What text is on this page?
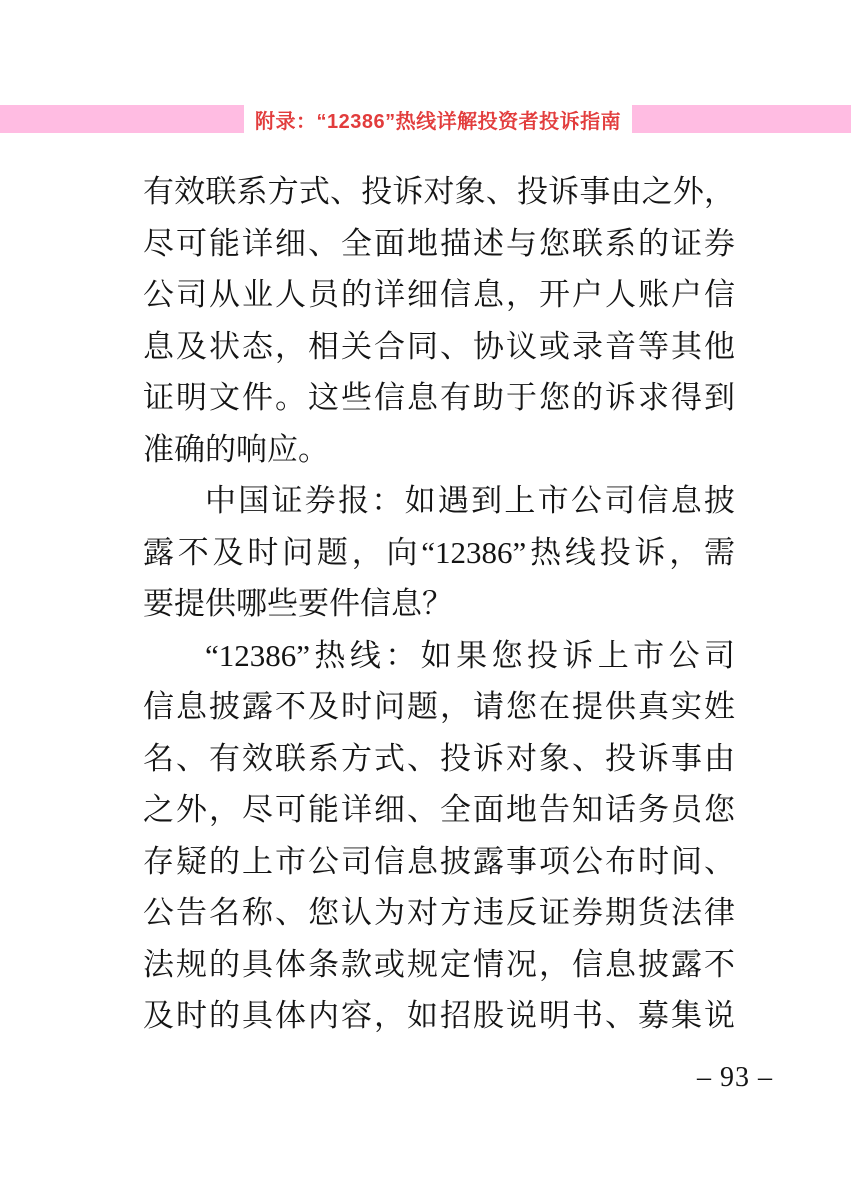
附录：“12386”热线详解投资者投诉指南
有效联系方式、投诉对象、投诉事由之外，
尽可能详细、全面地描述与您联系的证券
公司从业人员的详细信息，开户人账户信
息及状态，相关合同、协议或录音等其他
证明文件。这些信息有助于您的诉求得到
准确的响应。
中国证券报：如遇到上市公司信息披
露不及时问题，向“12386”热线投诉，需
要提供哪些要件信息？
“12386”热线：如果您投诉上市公司
信息披露不及时问题，请您在提供真实姓
名、有效联系方式、投诉对象、投诉事由
之外，尽可能详细、全面地告知话务员您
存疑的上市公司信息披露事项公布时间、
公告名称、您认为对方违反证券期货法律
法规的具体条款或规定情况，信息披露不
及时的具体内容，如招股说明书、募集说
– 93 –
